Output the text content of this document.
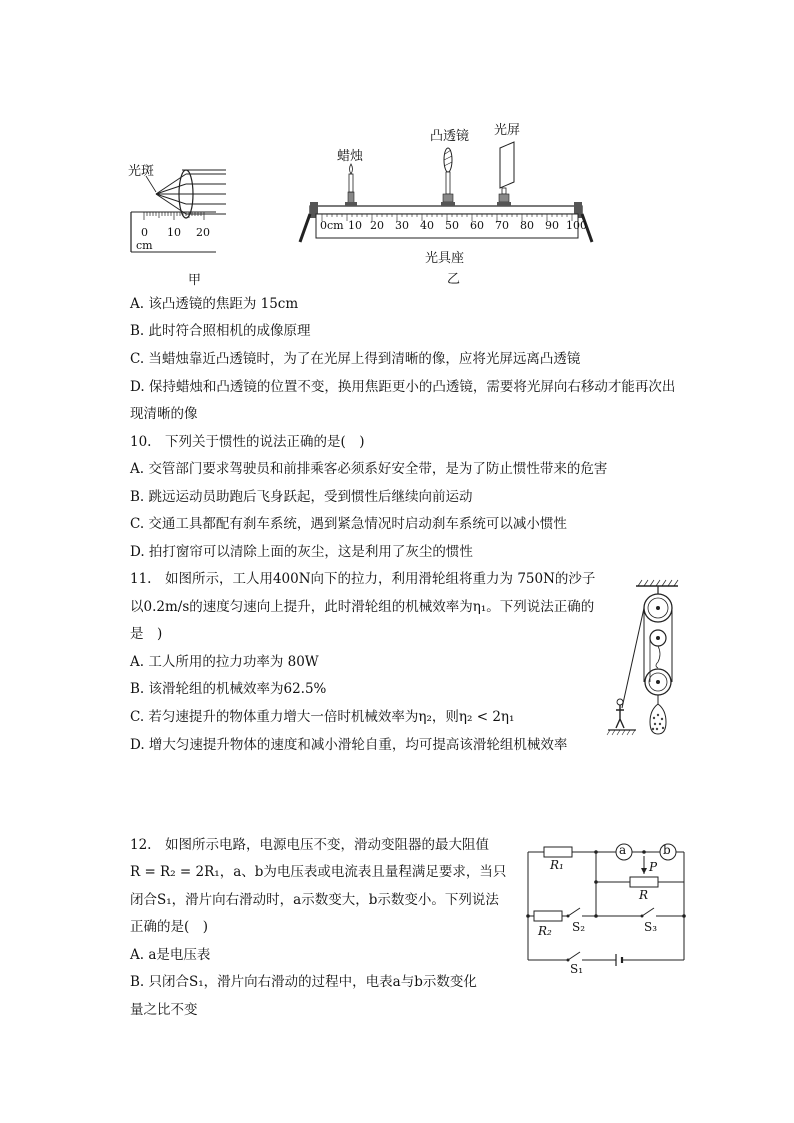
光斑
0 10 20
cm
甲
蜡烛
凸透镜 光屏
0cm 10 20 30 40 50 60 70 80 90 100
光具座
乙
A. 该凸透镜的焦距为 15cm
B. 此时符合照相机的成像原理
C. 当蜡烛靠近凸透镜时，为了在光屏上得到清晰的像，应将光屏远离凸透镜
D. 保持蜡烛和凸透镜的位置不变，换用焦距更小的凸透镜，需要将光屏向右移动才能再次出
现清晰的像
10.　下列关于惯性的说法正确的是(　)
A. 交管部门要求驾驶员和前排乘客必须系好安全带，是为了防止惯性带来的危害
B. 跳远运动员助跑后飞身跃起，受到惯性后继续向前运动
C. 交通工具都配有刹车系统，遇到紧急情况时启动刹车系统可以减小惯性
D. 拍打窗帘可以清除上面的灰尘，这是利用了灰尘的惯性
11.　如图所示，工人用400N向下的拉力，利用滑轮组将重力为 750N的沙子
以0.2m/s的速度匀速向上提升，此时滑轮组的机械效率为η₁。下列说法正确的
是　)
A. 工人所用的拉力功率为 80W
B. 该滑轮组的机械效率为62.5%
C. 若匀速提升的物体重力增大一倍时机械效率为η₂，则η₂ < 2η₁
D. 增大匀速提升物体的速度和减小滑轮自重，均可提高该滑轮组机械效率
12.　如图所示电路，电源电压不变，滑动变阻器的最大阻值
R = R₂ = 2R₁，a、b为电压表或电流表且量程满足要求，当只
闭合S₁，滑片向右滑动时，a示数变大，b示数变小。下列说法
正确的是(　)
A. a是电压表
B. 只闭合S₁，滑片向右滑动的过程中，电表a与b示数变化
量之比不变
a	b
R₁	P
R
R₂ S₂	S₃
S₁
